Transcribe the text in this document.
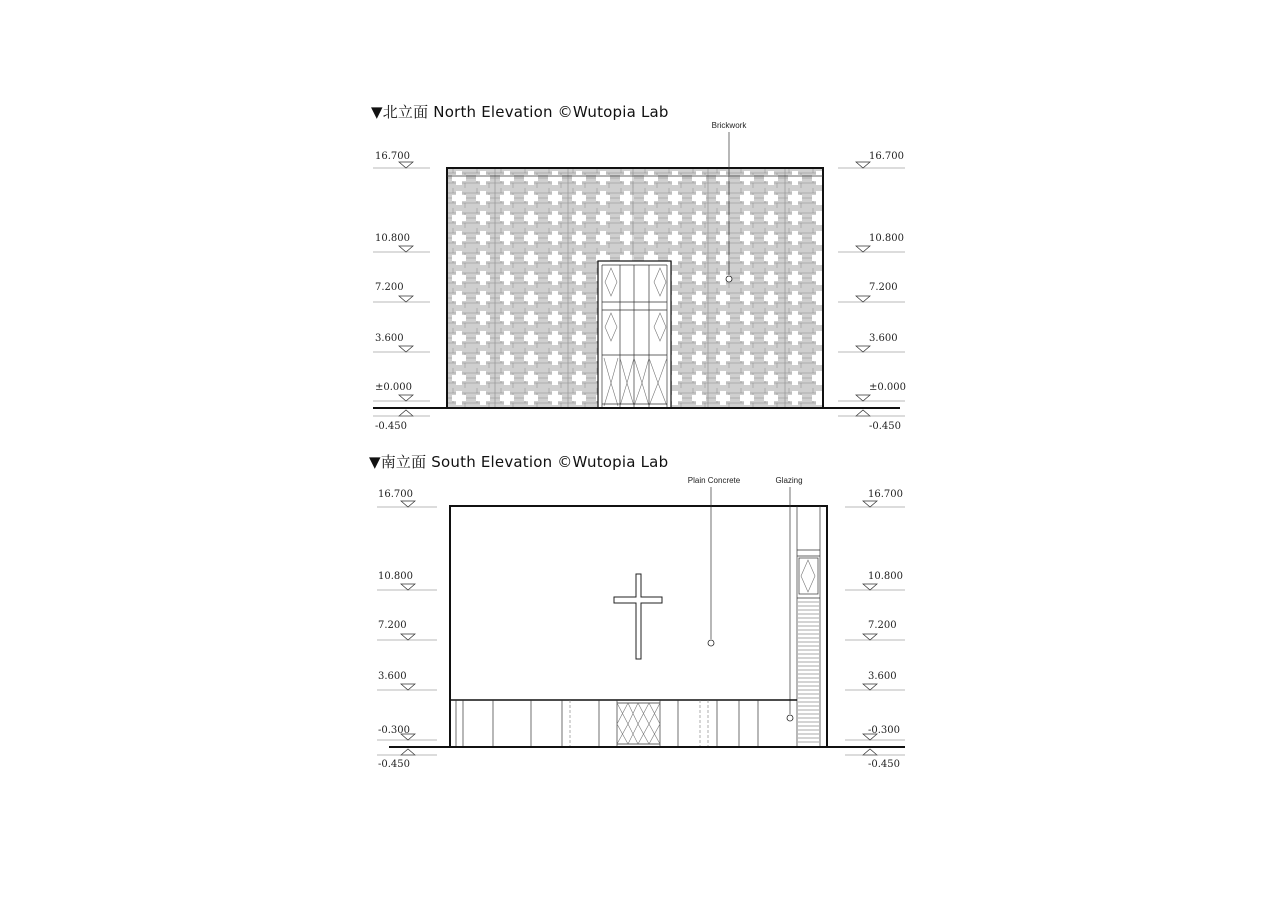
▼北立面 North Elevation ©Wutopia Lab
▼南立面 South Elevation ©Wutopia Lab
Brickwork
16.700
10.800
7.200
3.600
±0.000
-0.450
16.700
10.800
7.200
3.600
±0.000
-0.450
Plain Concrete	Glazing
16.700
10.800
7.200
3.600
-0.300
-0.450
16.700
10.800
7.200
3.600
-0.300
-0.450
